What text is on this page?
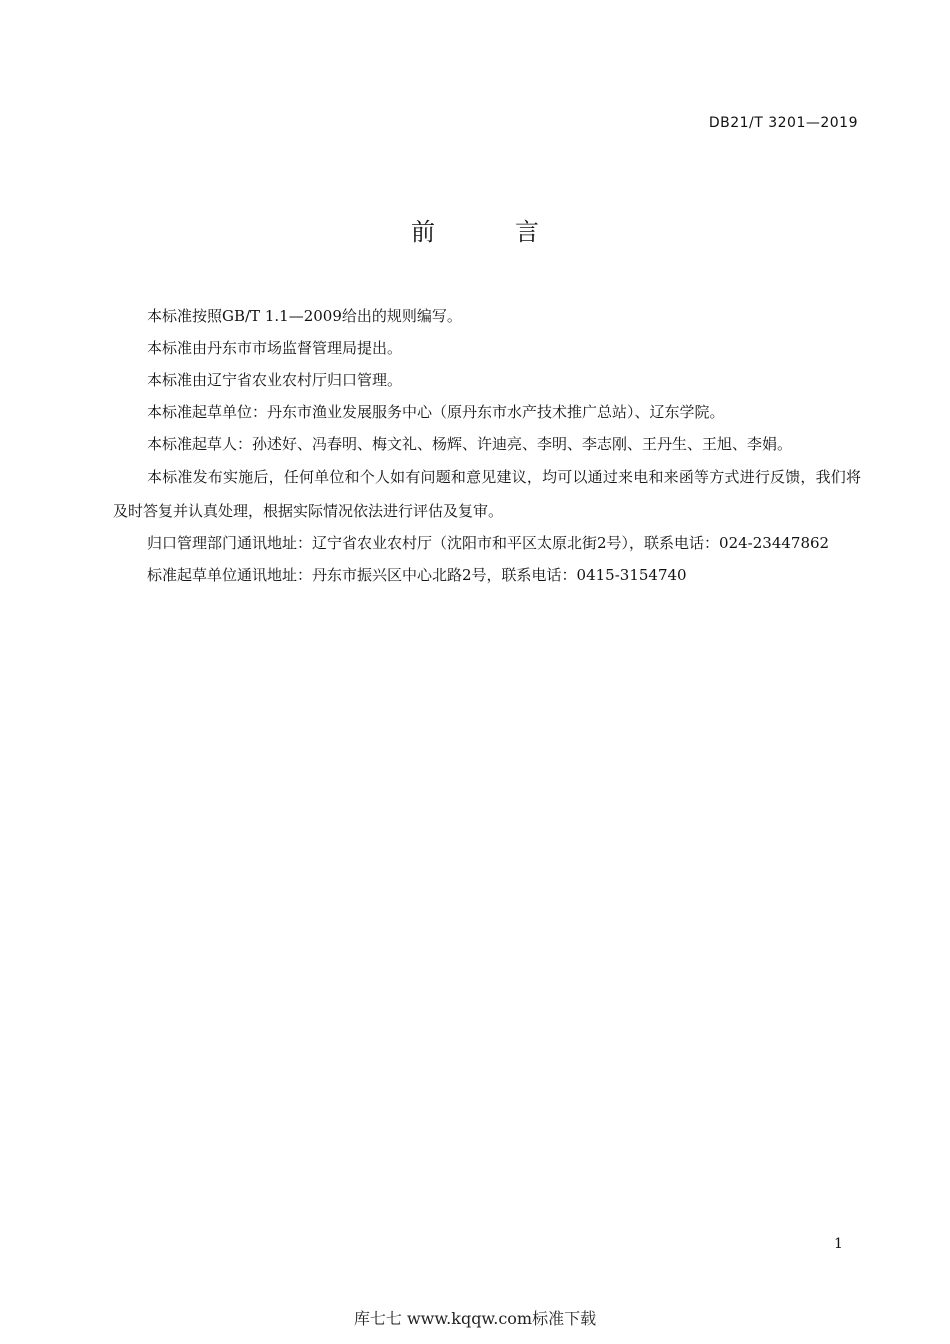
DB21/T 3201—2019
前　言

本标准按照GB/T 1.1—2009给出的规则编写。

本标准由丹东市市场监督管理局提出。

本标准由辽宁省农业农村厅归口管理。

本标准起草单位：丹东市渔业发展服务中心（原丹东市水产技术推广总站）、辽东学院。

本标准起草人：孙述好、冯春明、梅文礼、杨辉、许迪亮、李明、李志刚、王丹生、王旭、李娟。

本标准发布实施后，任何单位和个人如有问题和意见建议，均可以通过来电和来函等方式进行反馈，我们将及时答复并认真处理，根据实际情况依法进行评估及复审。

归口管理部门通讯地址：辽宁省农业农村厅（沈阳市和平区太原北街2号），联系电话：024-23447862

标准起草单位通讯地址：丹东市振兴区中心北路2号，联系电话：0415-3154740

1
库七七 www.kqqw.com标准下载
